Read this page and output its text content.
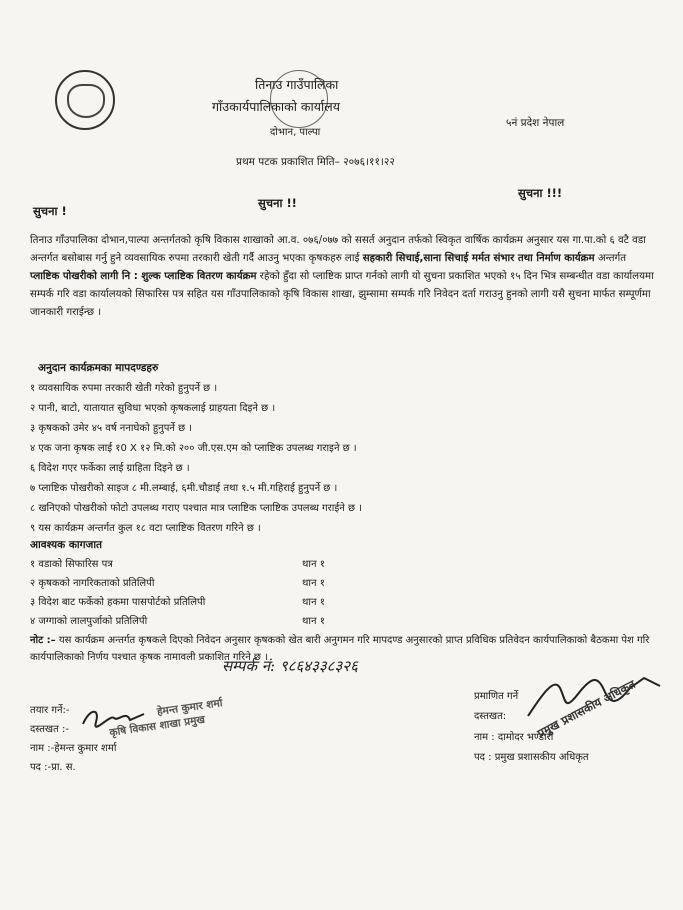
तिनाउ गाउँपालिका
गाँउकार्यपालिकाको कार्यालय
दोभान, पाल्पा
५नं प्रदेश नेपाल
प्रथम पटक प्रकाशित मिति– २०७६।११।२२
सुचना !
सुचना !!
सुचना !!!
तिनाउ गाँउपालिका दोभान,पाल्पा अन्तर्गतको कृषि विकास शाखाको आ.व. ०७६/०७७ को ससर्त अनुदान तर्फको स्विकृत वार्षिक कार्यक्रम अनुसार यस गा.पा.को ६ वटै वडा अन्तर्गत बसोबास गर्नु हुने व्यवसायिक रुपमा तरकारी खेती गर्दै आउनु भएका कृषकहरु लाई सहकारी सिचाई,साना सिचाई मर्मत संभार तथा निर्माण कार्यक्रम अन्तर्गत प्लाष्टिक पोखरीको लागी नि : शुल्क प्लाष्टिक वितरण कार्यक्रम रहेको हुँदा सो प्लाष्टिक प्राप्त गर्नको लागी यो सुचना प्रकाशित भएको १५ दिन भित्र सम्बन्धीत वडा कार्यालयमा सम्पर्क गरि वडा कार्यालयको सिफारिस पत्र सहित यस गाँउपालिकाको कृषि विकास शाखा, झुम्सामा सम्पर्क गरि निवेदन दर्ता गराउनु हुनको लागी यसै सुचना मार्फत सम्पूर्णमा जानकारी गराईन्छ ।
अनुदान कार्यक्रमका मापदण्डहरु
१ व्यवसायिक रुपमा तरकारी खेती गरेको हुनुपर्ने छ ।
२ पानी, बाटो, यातायात सुविधा भएको कृषकलाई ग्राहयता दिइने छ ।
३ कृषकको उमेर ४५ वर्ष ननाघेको हुनुपर्ने छ ।
४ एक जना कृषक लाई १0 X १२ मि.को २०० जी.एस.एम को प्लाष्टिक उपलब्ध गराइने छ ।
६ विदेश गएर फर्केका लाई ग्राहिता दिइने छ ।
७ प्लाष्टिक पोखरीको साइज ८ मी.लम्बाई, ६मी.चौडाई तथा १.५ मी.गहिराई हुनुपर्ने छ ।
८ खनिएको पोखरीको फोटो उपलब्ध गराए पश्चात मात्र प्लाष्टिक प्लाष्टिक उपलब्ध गराईने छ ।
९ यस कार्यक्रम अन्तर्गत कुल १८ वटा प्लाष्टिक वितरण गरिने छ ।
आवश्यक कागजात
१ वडाको सिफारिस पत्र	थान १
२ कृषकको नागरिकताको प्रतिलिपी	थान १
३ विदेश बाट फर्केको हकमा पासपोर्टको प्रतिलिपी	थान १
४ जग्गाको लालपुर्जाको प्रतिलिपी	थान १
नोट :– यस कार्यक्रम अन्तर्गत कृषकले दिएको निवेदन अनुसार कृषकको खेत बारी अनुगमन गरि मापदण्ड अनुसारको प्राप्त प्रविधिक प्रतिवेदन कार्यपालिकाको बैठकमा पेश गरि कार्यपालिकाको निर्णय पश्चात कृषक नामावली प्रकाशित गरिने छ ।
सम्पर्क नं: ९८६४३३८३२६
तयार गर्ने:-
दस्तखत :-
नाम :-हेमन्त कुमार शर्मा
पद :-प्रा. स.
हेमन्त कुमार शर्मा
कृषि विकास शाखा प्रमुख
प्रमाणित गर्ने
दस्तखत:
नाम : दामोदर भण्डारी
पद : प्रमुख प्रशासकीय अधिकृत
प्रमुख प्रशासकीय अधिकृत
